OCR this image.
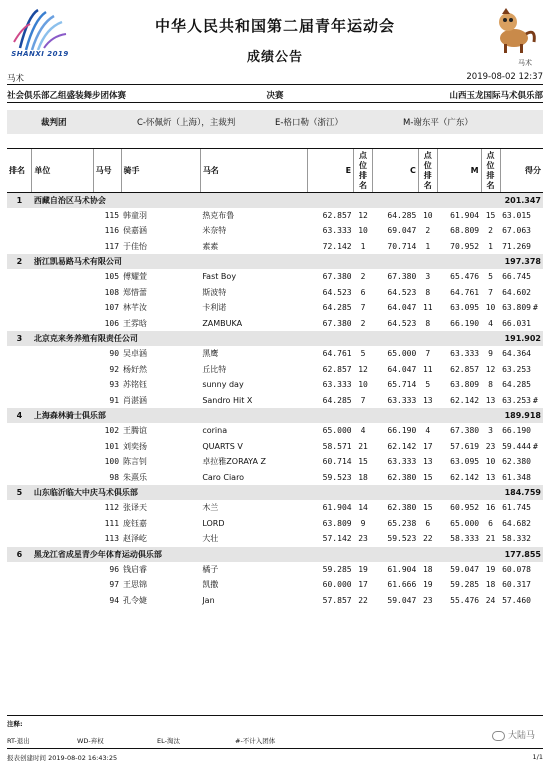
SHANXI 2019
中华人民共和国第二届青年运动会
成绩公告	马术
马术	2019-08-02 12:37
社会俱乐部乙组盛装舞步团体赛	决赛	山西玉龙国际马术俱乐部
裁判团	C-怀佩炘（上海），主裁判	E-格口勒（浙江）	M-谢东平（广东）
排名	单位	马号	骑手	马名	E	点位排名	C	点位排名	M	点位排名	得分
1	西藏自治区马术协会										201.347
		115	韩童羽	热克布鲁	62.857	12	64.285	10	61.904	15	63.015
		116	侯嘉涵	米奈特	63.333	10	69.047	2	68.809	2	67.063
		117	于佳怡	素素	72.142	1	70.714	1	70.952	1	71.269
2	浙江凯易路马术有限公司										197.378
		105	傅耀萱	Fast Boy	67.380	2	67.380	3	65.476	5	66.745
		108	郑惜蕾	斯波特	64.523	6	64.523	8	64.761	7	64.602
		107	林芊汝	卡利诺	64.285	7	64.047	11	63.095	10	63.809 #
		106	王雰晗	ZAMBUKA	67.380	2	64.523	8	66.190	4	66.031
3	北京克来务养殖有限责任公司										191.902
		90	吴卓涵	黑鹰	64.761	5	65.000	7	63.333	9	64.364
		92	杨好然	丘比特	62.857	12	64.047	11	62.857	12	63.253
		93	苏铭钰	sunny day	63.333	10	65.714	5	63.809	8	64.285
		91	肖湛涵	Sandro Hit X	64.285	7	63.333	13	62.142	13	63.253 #
4	上海森林骑士俱乐部										189.918
		102	王腾谊	corina	65.000	4	66.190	4	67.380	3	66.190
		101	刘奕扬	QUARTS V	58.571	21	62.142	17	57.619	23	59.444 #
		100	陈言钊	卓拉雅ZORAYA Z	60.714	15	63.333	13	63.095	10	62.380
		98	朱熹乐	Caro Ciaro	59.523	18	62.380	15	62.142	13	61.348
5	山东临沂临大中庆马术俱乐部										184.759
		112	张译天	木兰	61.904	14	62.380	15	60.952	16	61.745
		111	庞钰嘉	LORD	63.809	9	65.238	6	65.000	6	64.682
		113	赵泽屹	大壮	57.142	23	59.523	22	58.333	21	58.332
6	黑龙江省成星青少年体育运动俱乐部										177.855
		96	钱启睿	橘子	59.285	19	61.904	18	59.047	19	60.078
		97	王思锦	凯撒	60.000	17	61.666	19	59.285	18	60.317
		94	孔令婕	Jan	57.857	22	59.047	23	55.476	24	57.460
注释:
RT-退出	WD-弃权	EL-淘汰	#-不计入团体	大陆马
报表创建时间 2019-08-02 16:43:25	1/1
